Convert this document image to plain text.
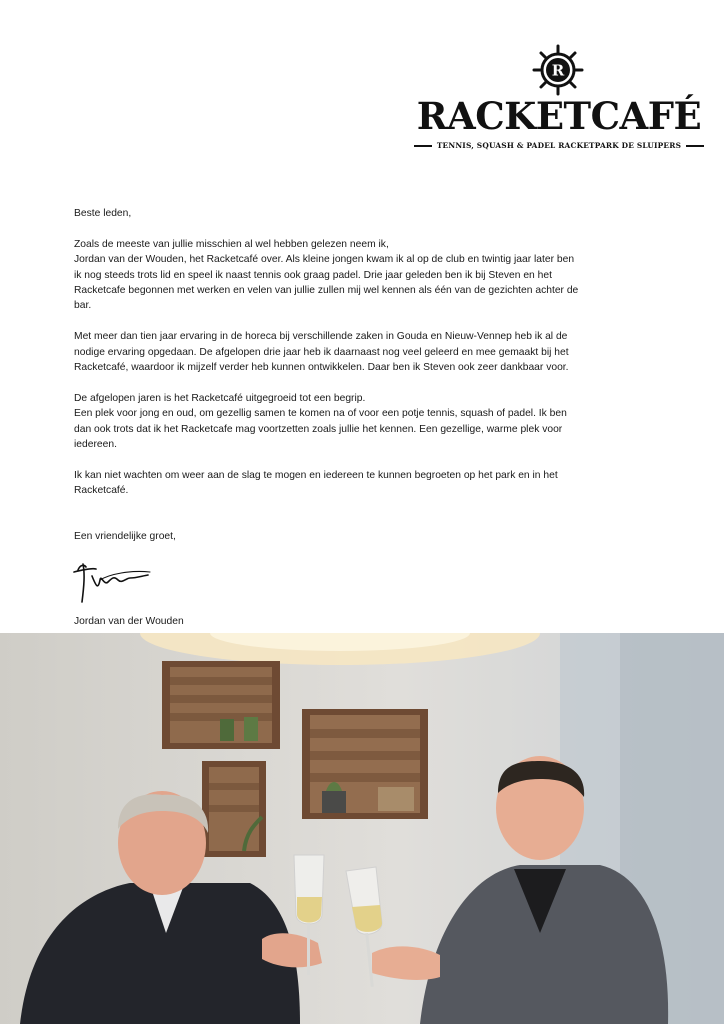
R
RACKETCAFÉ
TENNIS, SQUASH & PADEL RACKETPARK DE SLUIPERS

Beste leden,

Zoals de meeste van jullie misschien al wel hebben gelezen neem ik,
Jordan van der Wouden, het Racketcafé over. Als kleine jongen kwam ik al op de club en twintig jaar later ben ik nog steeds trots lid en speel ik naast tennis ook graag padel. Drie jaar geleden ben ik bij Steven en het Racketcafe begonnen met werken en velen van jullie zullen mij wel kennen als één van de gezichten achter de bar.

Met meer dan tien jaar ervaring in de horeca bij verschillende zaken in Gouda en Nieuw-Vennep heb ik al de nodige ervaring opgedaan. De afgelopen drie jaar heb ik daarnaast nog veel geleerd en mee gemaakt bij het Racketcafé, waardoor ik mijzelf verder heb kunnen ontwikkelen. Daar ben ik Steven ook zeer dankbaar voor.

De afgelopen jaren is het Racketcafé uitgegroeid tot een begrip.
Een plek voor jong en oud, om gezellig samen te komen na of voor een potje tennis, squash of padel. Ik ben dan ook trots dat ik het Racketcafe mag voortzetten zoals jullie het kennen. Een gezellige, warme plek voor iedereen.

Ik kan niet wachten om weer aan de slag te mogen en iedereen te kunnen begroeten op het park en in het Racketcafé.

Een vriendelijke groet,

Jordan van der Wouden
